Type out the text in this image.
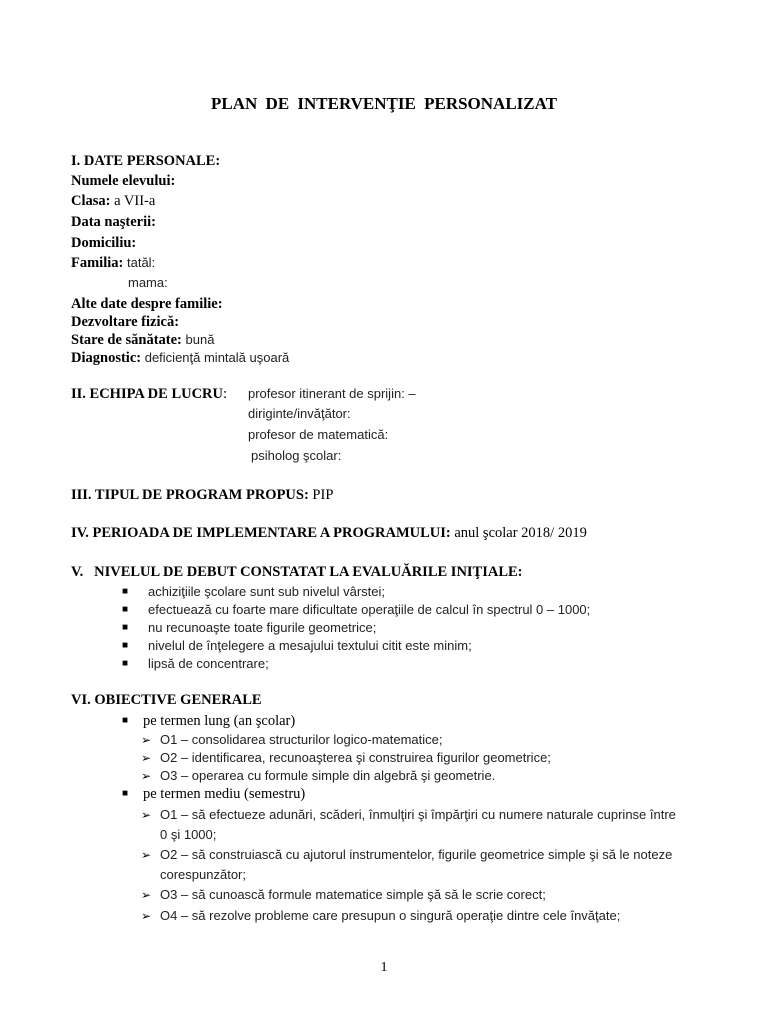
PLAN DE INTERVENŢIE PERSONALIZAT
I. DATE PERSONALE:
Numele elevului:
Clasa: a VII-a
Data naşterii:
Domiciliu:
Familia: tatăl:
mama:
Alte date despre familie:
Dezvoltare fizică:
Stare de sănătate: bună
Diagnostic: deficienţă mintală uşoară
II. ECHIPA DE LUCRU: profesor itinerant de sprijin: –
diriginte/invăţător:
profesor de matematică:
psiholog şcolar:
III. TIPUL DE PROGRAM PROPUS: PIP
IV. PERIOADA DE IMPLEMENTARE A PROGRAMULUI: anul şcolar 2018/ 2019
V.   NIVELUL DE DEBUT CONSTATAT LA EVALUĂRILE INIŢIALE:
■ achiziţiile şcolare sunt sub nivelul vârstei;
■ efectuează cu foarte mare dificultate operaţiile de calcul în spectrul 0 – 1000;
■ nu recunoaşte toate figurile geometrice;
■ nivelul de înţelegere a mesajului textului citit este minim;
■ lipsă de concentrare;
VI. OBIECTIVE GENERALE
■ pe termen lung (an şcolar)
➢ O1 – consolidarea structurilor logico-matematice;
➢ O2 – identificarea, recunoaşterea şi construirea figurilor geometrice;
➢ O3 – operarea cu formule simple din algebră şi geometrie.
■ pe termen mediu (semestru)
➢ O1 – să efectueze adunări, scăderi, înmulţiri şi împărţiri cu numere naturale cuprinse între
0 şi 1000;
➢ O2 – să construiască cu ajutorul instrumentelor, figurile geometrice simple şi să le noteze
corespunzător;
➢ O3 – să cunoască formule matematice simple şă să le scrie corect;
➢ O4 – să rezolve probleme care presupun o singură operaţie dintre cele învăţate;
1
